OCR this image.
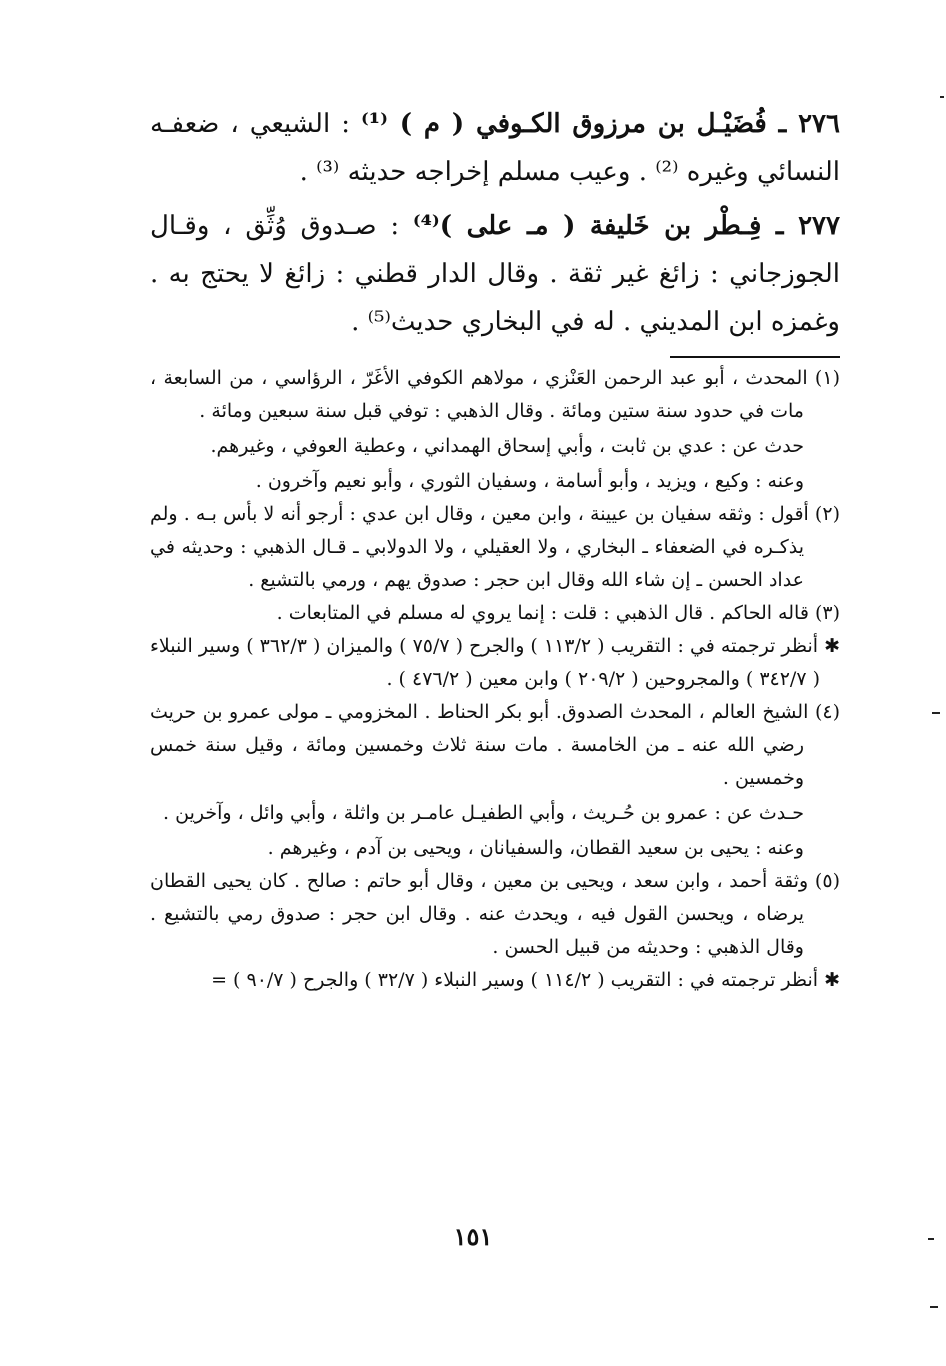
٢٧٦ ـ فُضَيْـل بن مرزوق الكـوفي ( م ) ⁽¹⁾ : الشيعي ، ضعفـه النسائي وغيره ⁽²⁾ . وعيب مسلم إخراجه حديثه ⁽³⁾ .

٢٧٧ ـ فِـطْر بن خَليفة ( مـ على )⁽⁴⁾ : صـدوق وُثِّق ، وقـال الجوزجاني : زائغ غير ثقة . وقال الدار قطني : زائغ لا يحتج به . وغمزه ابن المديني . له في البخاري حديث⁽⁵⁾ .

(١) المحدث ، أبو عبد الرحمن العَنْزي ، مولاهم الكوفي الأغَرّ ، الرؤاسي ، من السابعة ، مات في حدود سنة ستين ومائة . وقال الذهبي : توفي قبل سنة سبعين ومائة .

حدث عن : عدي بن ثابت ، وأبي إسحاق الهمداني ، وعطية العوفي ، وغيرهم.

وعنه : وكيع ، ويزيد ، وأبو أسامة ، وسفيان الثوري ، وأبو نعيم وآخرون .

(٢) أقول : وثقه سفيان بن عيينة ، وابن معين ، وقال ابن عدي : أرجو أنه لا بأس بـه . ولم يذكـره في الضعفاء ـ البخاري ، ولا العقيلي ، ولا الدولابي ـ قـال الذهبي : وحديثه في عداد الحسن ـ إن شاء الله وقال ابن حجر : صدوق يهم ، ورمي بالتشيع .

(٣) قاله الحاكم . قال الذهبي : قلت : إنما يروي له مسلم في المتابعات .

✱ أنظر ترجمته في : التقريب ( ١١٣/٢ ) والجرح ( ٧٥/٧ ) والميزان ( ٣٦٢/٣ ) وسير النبلاء ( ٣٤٢/٧ ) والمجروحين ( ٢٠٩/٢ ) وابن معين ( ٤٧٦/٢ ) .

(٤) الشيخ العالم ، المحدث الصدوق. أبو بكر الحناط . المخزومي ـ مولى عمرو بن حريث رضي الله عنه ـ من الخامسة . مات سنة ثلاث وخمسين ومائة ، وقيل سنة خمس وخمسين .

حـدث عن : عمرو بن حُـريث ، وأبي الطفيـل عامـر بن واثلة ، وأبي وائل ، وآخرين .

وعنه : يحيى بن سعيد القطان، والسفيانان ، ويحيى بن آدم ، وغيرهم .

(٥) وثقة أحمد ، وابن سعد ، ويحيى بن معين ، وقال أبو حاتم : صالح . كان يحيى القطان يرضاه ، ويحسن القول فيه ، ويحدث عنه . وقال ابن حجر : صدوق رمي بالتشيع . وقال الذهبي : وحديثه من قبيل الحسن .

✱ أنظر ترجمته في : التقريب ( ١١٤/٢ ) وسير النبلاء ( ٣٢/٧ ) والجرح ( ٩٠/٧ ) =

١٥١
